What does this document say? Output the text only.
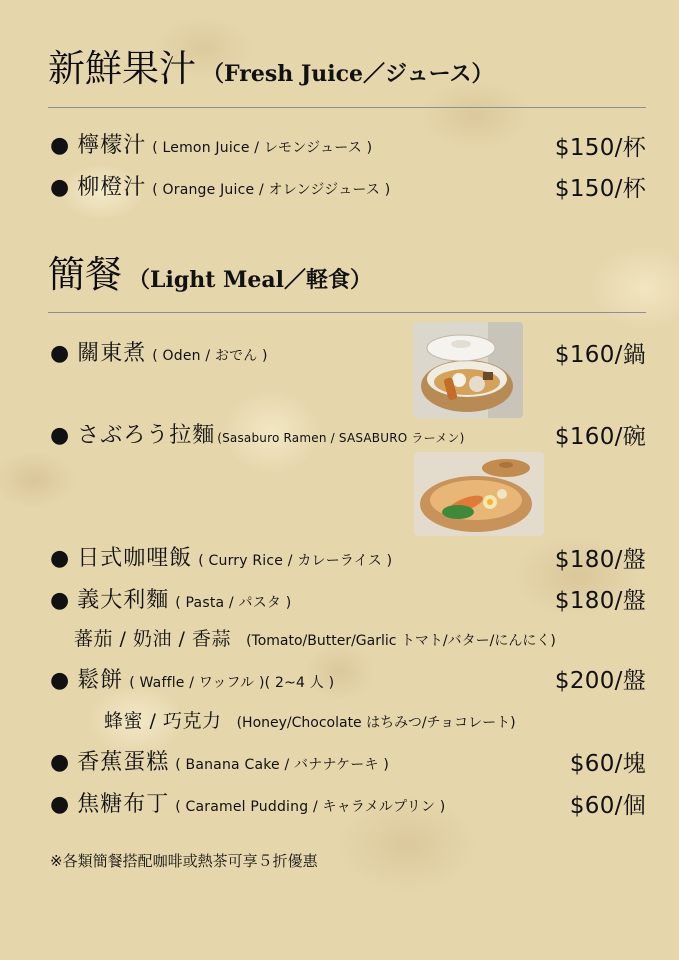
新鮮果汁 （Fresh Juice／ジュース）
● 檸檬汁 ( Lemon Juice / レモンジュース )	$150/杯
● 柳橙汁 ( Orange Juice / オレンジジュース )	$150/杯
簡餐 （Light Meal／軽食）
● 關東煮 ( Oden / おでん )	$160/鍋
● さぶろう拉麵 (Sasaburo Ramen / SASABURO ラーメン)	$160/碗
● 日式咖哩飯 ( Curry Rice / カレーライス )	$180/盤
● 義大利麵 ( Pasta / パスタ )	$180/盤
蕃茄 / 奶油 / 香蒜 (Tomato/Butter/Garlic トマト/バター/にんにく)
● 鬆餅 ( Waffle / ワッフル )( 2~4 人 )	$200/盤
蜂蜜 / 巧克力 (Honey/Chocolate はちみつ/チョコレート)
● 香蕉蛋糕 ( Banana Cake / バナナケーキ )	$60/塊
● 焦糖布丁 ( Caramel Pudding / キャラメルプリン )	$60/個
※各類簡餐搭配咖啡或熱茶可享５折優惠
